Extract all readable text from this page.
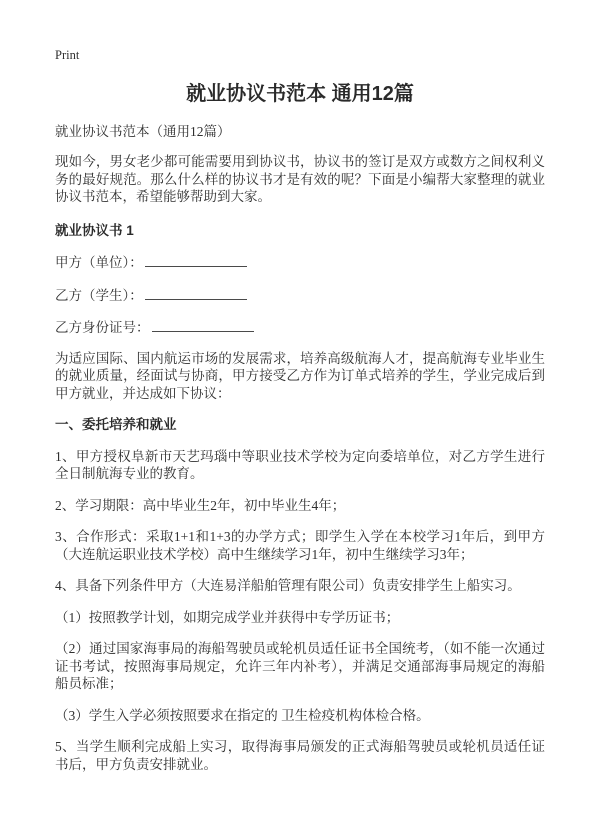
Print
就业协议书范本 通用12篇
就业协议书范本（通用12篇）
现如今，男女老少都可能需要用到协议书，协议书的签订是双方或数方之间权利义务的最好规范。那么什么样的协议书才是有效的呢？下面是小编帮大家整理的就业协议书范本，希望能够帮助到大家。
就业协议书 1
甲方（单位）：
乙方（学生）：
乙方身份证号：
为适应国际、国内航运市场的发展需求，培养高级航海人才，提高航海专业毕业生的就业质量，经面试与协商，甲方接受乙方作为订单式培养的学生，学业完成后到甲方就业，并达成如下协议：
一、委托培养和就业
1、甲方授权阜新市天艺玛瑙中等职业技术学校为定向委培单位，对乙方学生进行全日制航海专业的教育。
2、学习期限：高中毕业生2年，初中毕业生4年；
3、合作形式：采取1+1和1+3的办学方式；即学生入学在本校学习1年后，到甲方（大连航运职业技术学校）高中生继续学习1年，初中生继续学习3年；
4、具备下列条件甲方（大连易洋船舶管理有限公司）负责安排学生上船实习。
（1）按照教学计划，如期完成学业并获得中专学历证书；
（2）通过国家海事局的海船驾驶员或轮机员适任证书全国统考，（如不能一次通过证书考试，按照海事局规定，允许三年内补考），并满足交通部海事局规定的海船船员标准；
（3）学生入学必须按照要求在指定的 卫生检疫机构体检合格。
5、当学生顺利完成船上实习，取得海事局颁发的正式海船驾驶员或轮机员适任证书后，甲方负责安排就业。
